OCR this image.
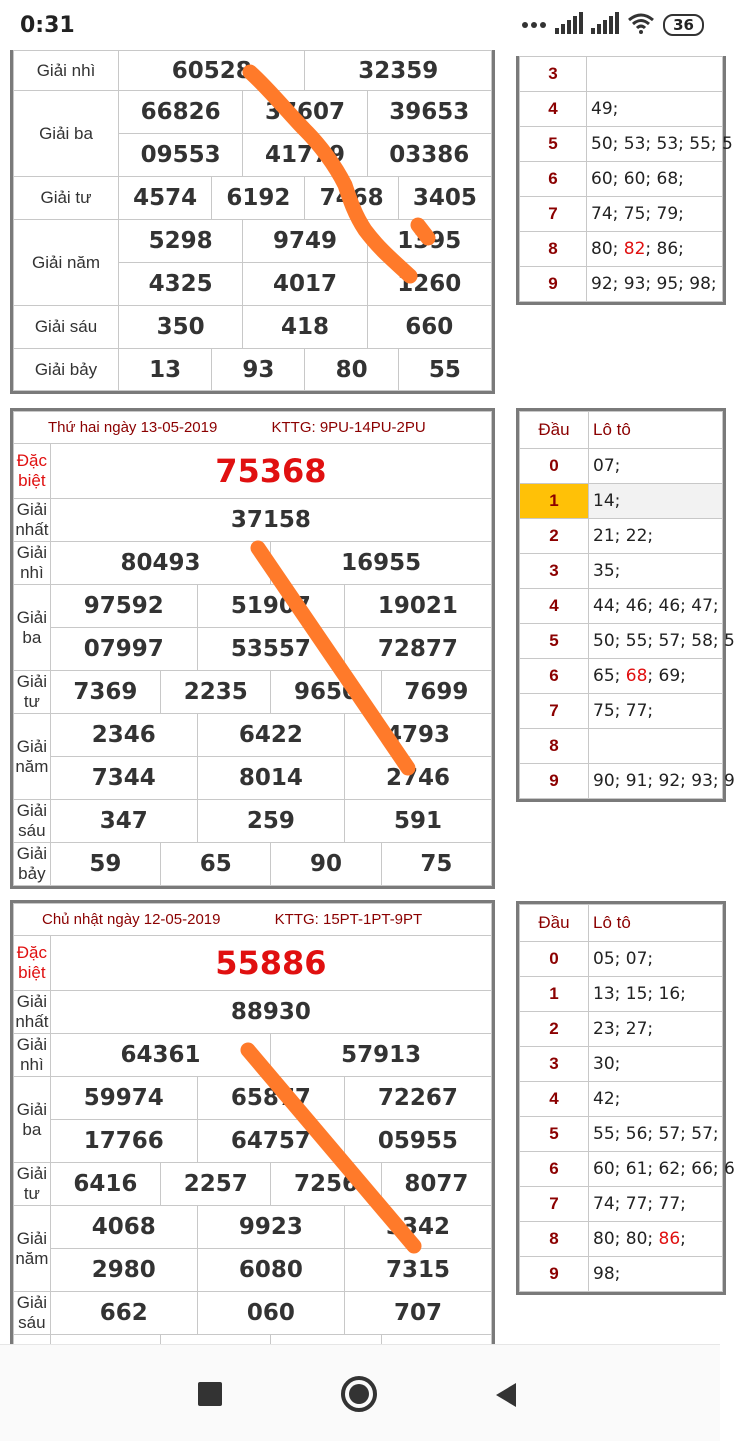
0:31	36
Giải nhì	60528			32359		
Giải ba	66826		37607		39653	
	09553		41779		03386	
Giải tư	4574	6192		7468		3405
Giải năm	5298		9749		1395	
	4325		4017		1260	
Giải sáu	350		418		660	
Giải bảy	13	93		80		55
3	
4	49;
5	50; 53; 53; 55; 5
6	60; 60; 68;
7	74; 75; 79;
8	80; 82; 86;
9	92; 93; 95; 98;
Thứ hai ngày 13-05-2019 KTTG: 9PU-14PU-2PU						
Đặc biệt	75368					
Giải nhất	37158					
Giải nhì	80493			16955		
Giải ba	97592		51907		19021	
	07997		53557		72877	
Giải tư	7369	2235		9650		7699
Giải năm	2346		6422		4793	
	7344		8014		2746	
Giải sáu	347		259		591	
Giải bảy	59	65		90		75
Đầu	Lô tô
0	07;
1	14;
2	21; 22;
3	35;
4	44; 46; 46; 47;
5	50; 55; 57; 58; 5
6	65; 68; 69;
7	75; 77;
8	
9	90; 91; 92; 93; 9
Chủ nhật ngày 12-05-2019 KTTG: 15PT-1PT-9PT						
Đặc biệt	55886					
Giải nhất	88930					
Giải nhì	64361			57913		
Giải ba	59974		65877		72267	
	17766		64757		05955	
Giải tư	6416	2257		7256		8077
Giải năm	4068		9923		3342	
	2980		6080		7315	
Giải sáu	662		060		707	

Đầu	Lô tô
0	05; 07;
1	13; 15; 16;
2	23; 27;
3	30;
4	42;
5	55; 56; 57; 57;
6	60; 61; 62; 66; 6
7	74; 77; 77;
8	80; 80; 86;
9	98;
